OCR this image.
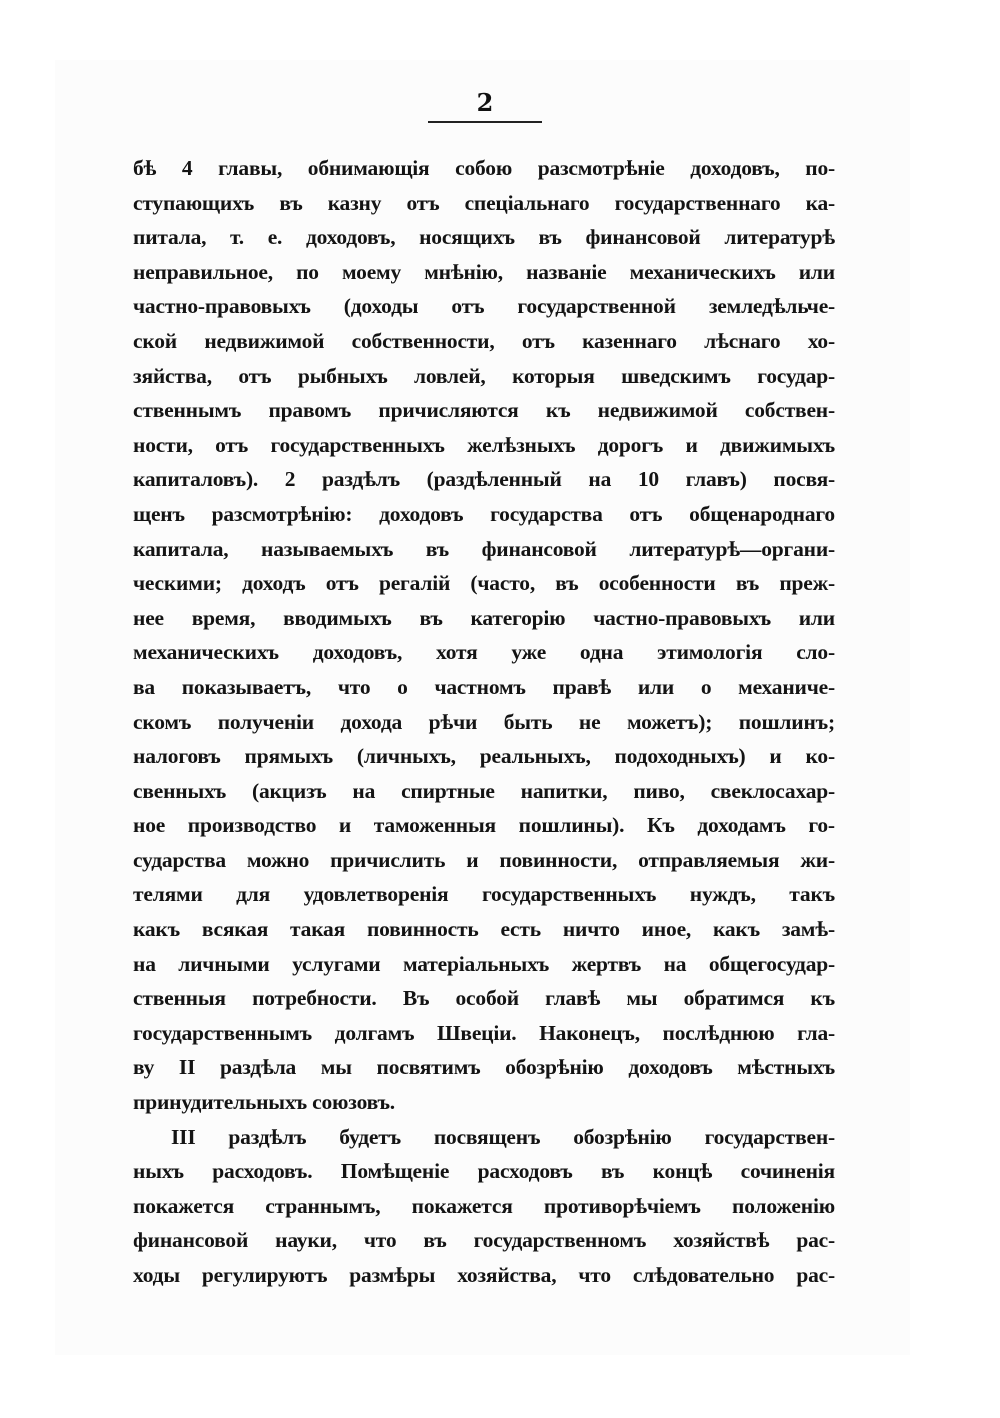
2
бѣ 4 главы, обнимающія собою разсмотрѣніе доходовъ, по-
ступающихъ въ казну отъ спеціальнаго государственнаго ка-
питала, т. е. доходовъ, носящихъ въ финансовой литературѣ
неправильное, по моему мнѣнію, названіе механическихъ или
частно-правовыхъ (доходы отъ государственной земледѣльче-
ской недвижимой собственности, отъ казеннаго лѣснаго хо-
зяйства, отъ рыбныхъ ловлей, которыя шведскимъ государ-
ственнымъ правомъ причисляются къ недвижимой собствен-
ности, отъ государственныхъ желѣзныхъ дорогъ и движимыхъ
капиталовъ). 2 раздѣлъ (раздѣленный на 10 главъ) посвя-
щенъ разсмотрѣнію: доходовъ государства отъ общенароднаго
капитала, называемыхъ въ финансовой литературѣ—органи-
ческими; доходъ отъ регалій (часто, въ особенности въ преж-
нее время, вводимыхъ въ категорію частно-правовыхъ или
механическихъ доходовъ, хотя уже одна этимологія сло-
ва показываетъ, что о частномъ правѣ или о механиче-
скомъ полученіи дохода рѣчи быть не можетъ); пошлинъ;
налоговъ прямыхъ (личныхъ, реальныхъ, подоходныхъ) и ко-
свенныхъ (акцизъ на спиртные напитки, пиво, свеклосахар-
ное производство и таможенныя пошлины). Къ доходамъ го-
сударства можно причислить и повинности, отправляемыя жи-
телями для удовлетворенія государственныхъ нуждъ, такъ
какъ всякая такая повинность есть ничто иное, какъ замѣ-
на личными услугами матеріальныхъ жертвъ на общегосудар-
ственныя потребности. Въ особой главѣ мы обратимся къ
государственнымъ долгамъ Швеціи. Наконецъ, послѣднюю гла-
ву II раздѣла мы посвятимъ обозрѣнію доходовъ мѣстныхъ
принудительныхъ союзовъ.
III раздѣлъ будетъ посвященъ обозрѣнію государствен-
ныхъ расходовъ. Помѣщеніе расходовъ въ концѣ сочиненія
покажется страннымъ, покажется противорѣчіемъ положенію
финансовой науки, что въ государственномъ хозяйствѣ рас-
ходы регулируютъ размѣры хозяйства, что слѣдовательно рас-
